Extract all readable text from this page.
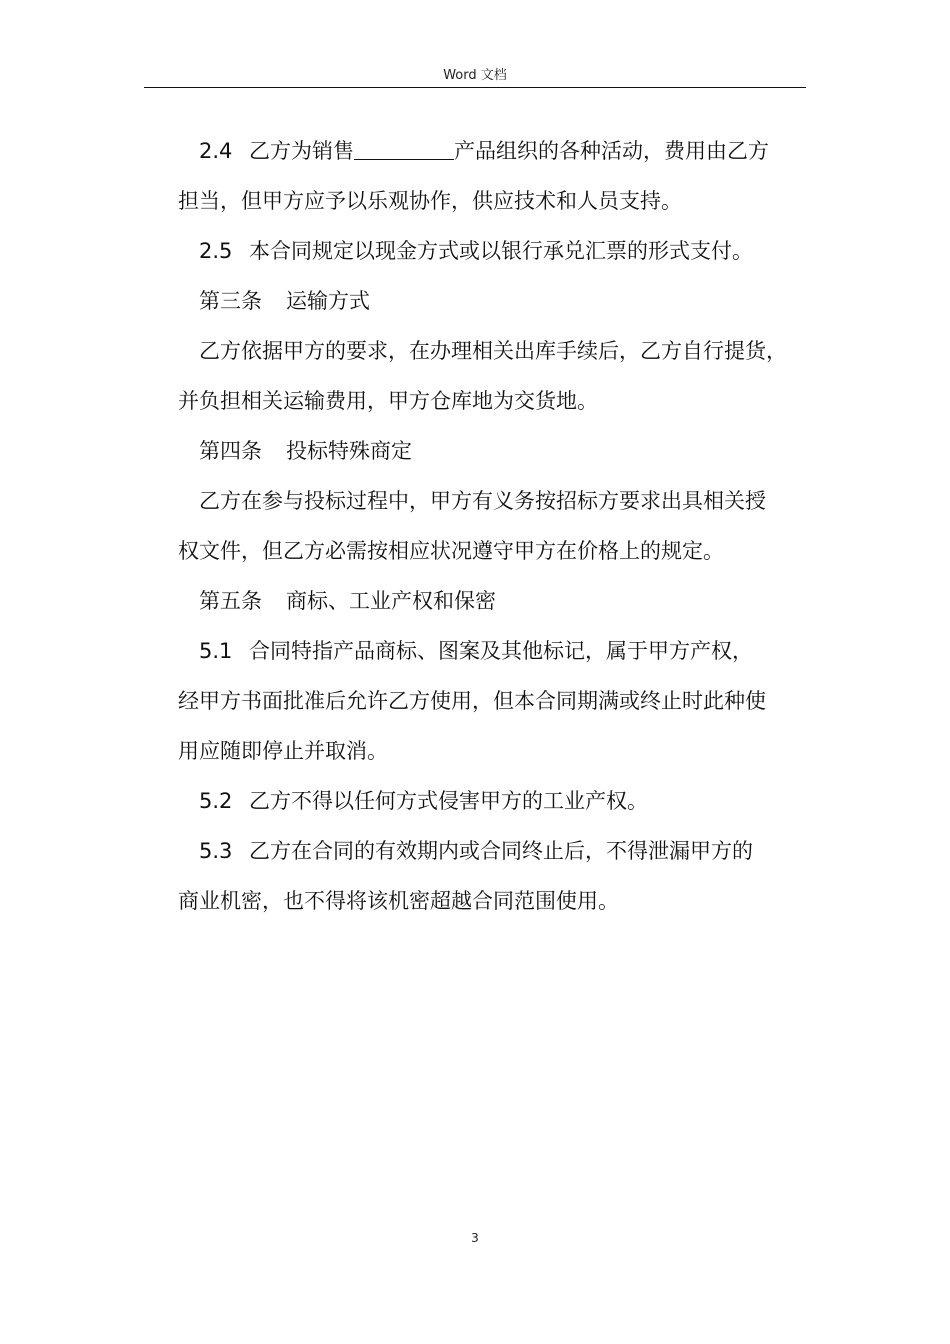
Word 文档
2.4 乙方为销售	产品组织的各种活动，费用由乙方
担当，但甲方应予以乐观协作，供应技术和人员支持。
2.5 本合同规定以现金方式或以银行承兑汇票的形式支付。
第三条 运输方式
乙方依据甲方的要求，在办理相关出库手续后，乙方自行提货，
并负担相关运输费用，甲方仓库地为交货地。
第四条 投标特殊商定
乙方在参与投标过程中，甲方有义务按招标方要求出具相关授
权文件，但乙方必需按相应状况遵守甲方在价格上的规定。
第五条 商标、工业产权和保密
5.1 合同特指产品商标、图案及其他标记，属于甲方产权，
经甲方书面批准后允许乙方使用，但本合同期满或终止时此种使
用应随即停止并取消。
5.2 乙方不得以任何方式侵害甲方的工业产权。
5.3 乙方在合同的有效期内或合同终止后，不得泄漏甲方的
商业机密，也不得将该机密超越合同范围使用。
3
